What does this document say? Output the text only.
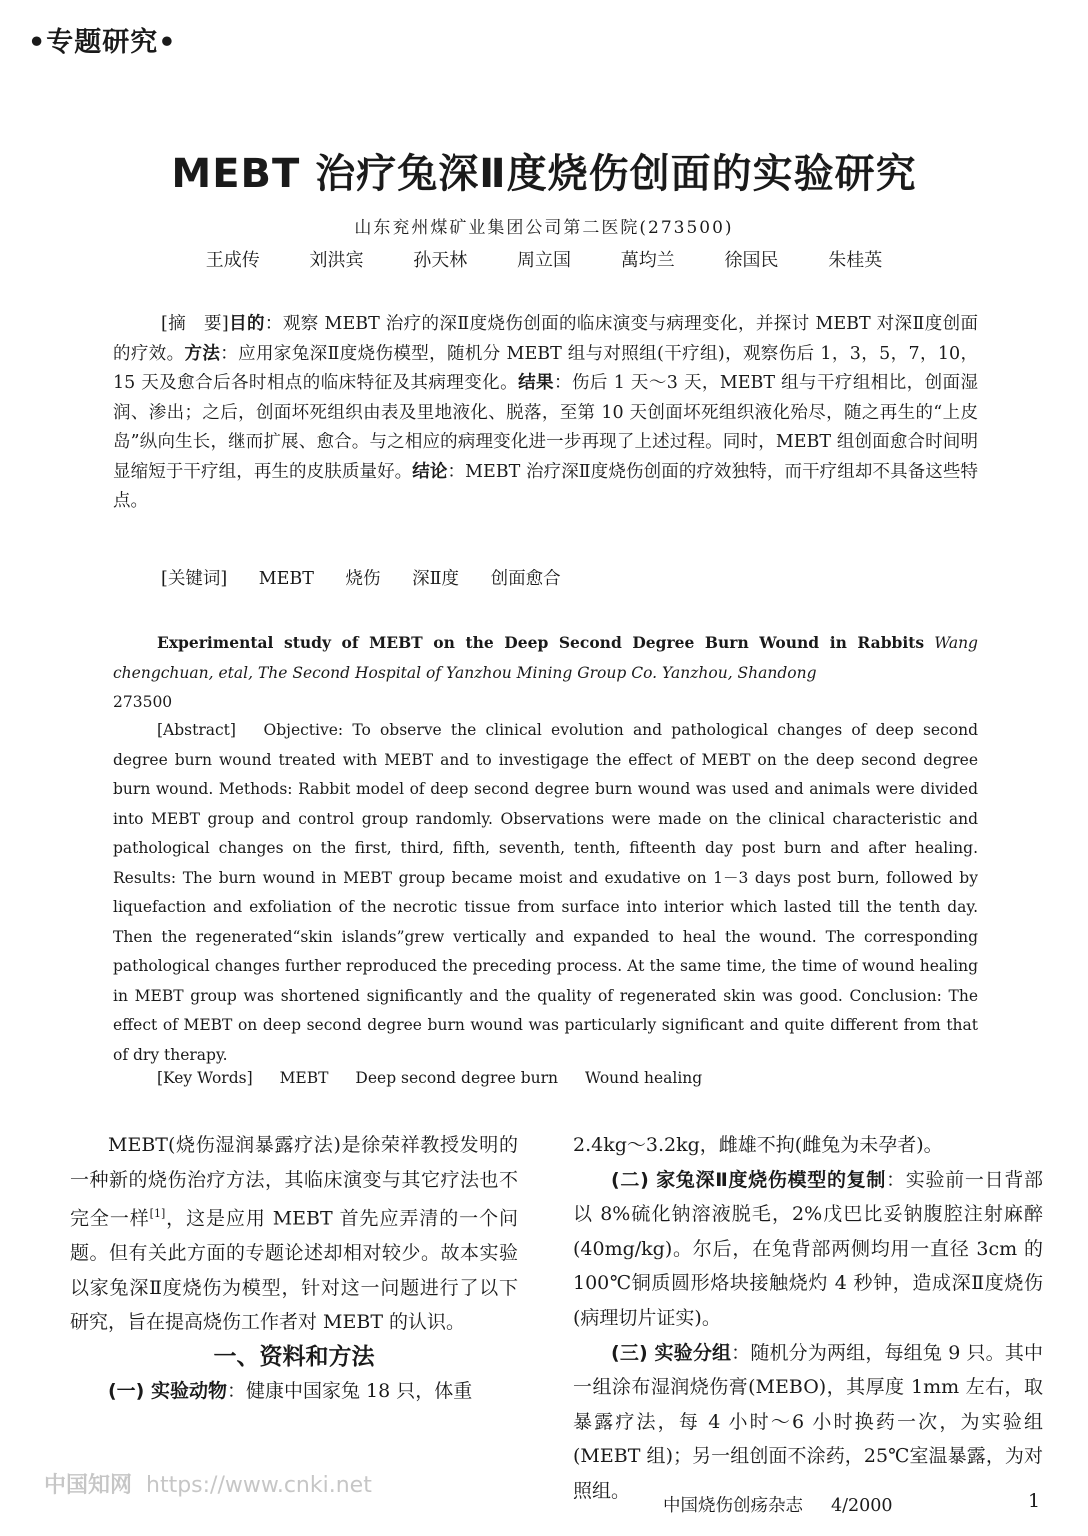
•专题研究•
MEBT 治疗兔深Ⅱ度烧伤创面的实验研究
山东兖州煤矿业集团公司第二医院(273500)
王成传	刘洪宾	孙天林	周立国	萬均兰	徐国民	朱桂英
[摘　要]目的：观察 MEBT 治疗的深Ⅱ度烧伤创面的临床演变与病理变化，并探讨 MEBT 对深Ⅱ度创面的疗效。方法：应用家兔深Ⅱ度烧伤模型，随机分 MEBT 组与对照组(干疗组)，观察伤后 1，3，5，7，10，15 天及愈合后各时相点的临床特征及其病理变化。结果：伤后 1 天～3 天，MEBT 组与干疗组相比，创面湿润、渗出；之后，创面坏死组织由表及里地液化、脱落，至第 10 天创面坏死组织液化殆尽，随之再生的“上皮岛”纵向生长，继而扩展、愈合。与之相应的病理变化进一步再现了上述过程。同时，MEBT 组创面愈合时间明显缩短于干疗组，再生的皮肤质量好。结论：MEBT 治疗深Ⅱ度烧伤创面的疗效独特，而干疗组却不具备这些特点。
[关键词] MEBT 烧伤 深Ⅱ度 创面愈合
Experimental study of MEBT on the Deep Second Degree Burn Wound in Rabbits Wang chengchuan, etal, The Second Hospital of Yanzhou Mining Group Co. Yanzhou, Shandong
273500
[Abstract] Objective: To observe the clinical evolution and pathological changes of deep second degree burn wound treated with MEBT and to investigage the effect of MEBT on the deep second degree burn wound. Methods: Rabbit model of deep second degree burn wound was used and animals were divided into MEBT group and control group randomly. Observations were made on the clinical characteristic and pathological changes on the first, third, fifth, seventh, tenth, fifteenth day post burn and after healing. Results: The burn wound in MEBT group became moist and exudative on 1－3 days post burn, followed by liquefaction and exfoliation of the necrotic tissue from surface into interior which lasted till the tenth day. Then the regenerated“skin islands”grew vertically and expanded to heal the wound. The corresponding pathological changes further reproduced the preceding process. At the same time, the time of wound healing in MEBT group was shortened significantly and the quality of regenerated skin was good. Conclusion: The effect of MEBT on deep second degree burn wound was particularly significant and quite different from that of dry therapy.
[Key Words] MEBT Deep second degree burn Wound healing

MEBT(烧伤湿润暴露疗法)是徐荣祥教授发明的一种新的烧伤治疗方法，其临床演变与其它疗法也不完全一样[1]，这是应用 MEBT 首先应弄清的一个问题。但有关此方面的专题论述却相对较少。故本实验以家兔深Ⅱ度烧伤为模型，针对这一问题进行了以下研究，旨在提高烧伤工作者对 MEBT 的认识。

一、资料和方法

(一) 实验动物：健康中国家兔 18 只，体重

2.4kg～3.2kg，雌雄不拘(雌兔为未孕者)。

(二) 家兔深Ⅱ度烧伤模型的复制：实验前一日背部以 8%硫化钠溶液脱毛，2%戊巴比妥钠腹腔注射麻醉(40mg/kg)。尔后，在兔背部两侧均用一直径 3cm 的 100℃铜质圆形烙块接触烧灼 4 秒钟，造成深Ⅱ度烧伤(病理切片证实)。

(三) 实验分组：随机分为两组，每组兔 9 只。其中一组涂布湿润烧伤膏(MEBO)，其厚度 1mm 左右，取暴露疗法，每 4 小时～6 小时换药一次，为实验组(MEBT 组)；另一组创面不涂药，25℃室温暴露，为对照组。

中国知网 https://www.cnki.net
中国烧伤创疡杂志 4/2000	1
